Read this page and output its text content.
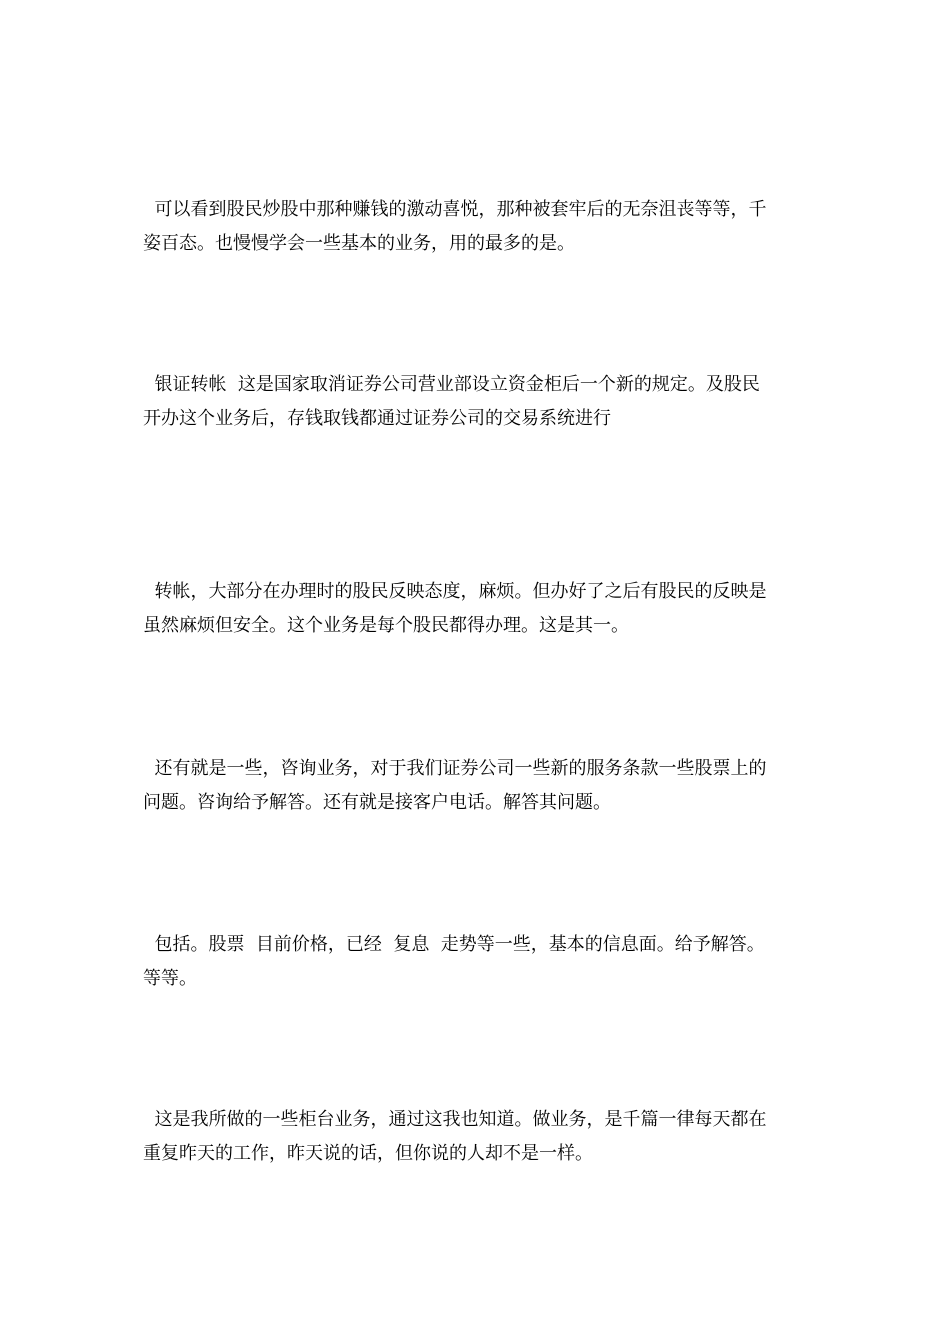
可以看到股民炒股中那种赚钱的激动喜悦，那种被套牢后的无奈沮丧等等，千
姿百态。也慢慢学会一些基本的业务，用的最多的是。

银证转帐  这是国家取消证券公司营业部设立资金柜后一个新的规定。及股民
开办这个业务后，存钱取钱都通过证券公司的交易系统进行

转帐，大部分在办理时的股民反映态度，麻烦。但办好了之后有股民的反映是
虽然麻烦但安全。这个业务是每个股民都得办理。这是其一。

还有就是一些，咨询业务，对于我们证券公司一些新的服务条款一些股票上的
问题。咨询给予解答。还有就是接客户电话。解答其问题。

包括。股票  目前价格，已经  复息  走势等一些，基本的信息面。给予解答。
等等。

这是我所做的一些柜台业务，通过这我也知道。做业务，是千篇一律每天都在
重复昨天的工作，昨天说的话，但你说的人却不是一样。
